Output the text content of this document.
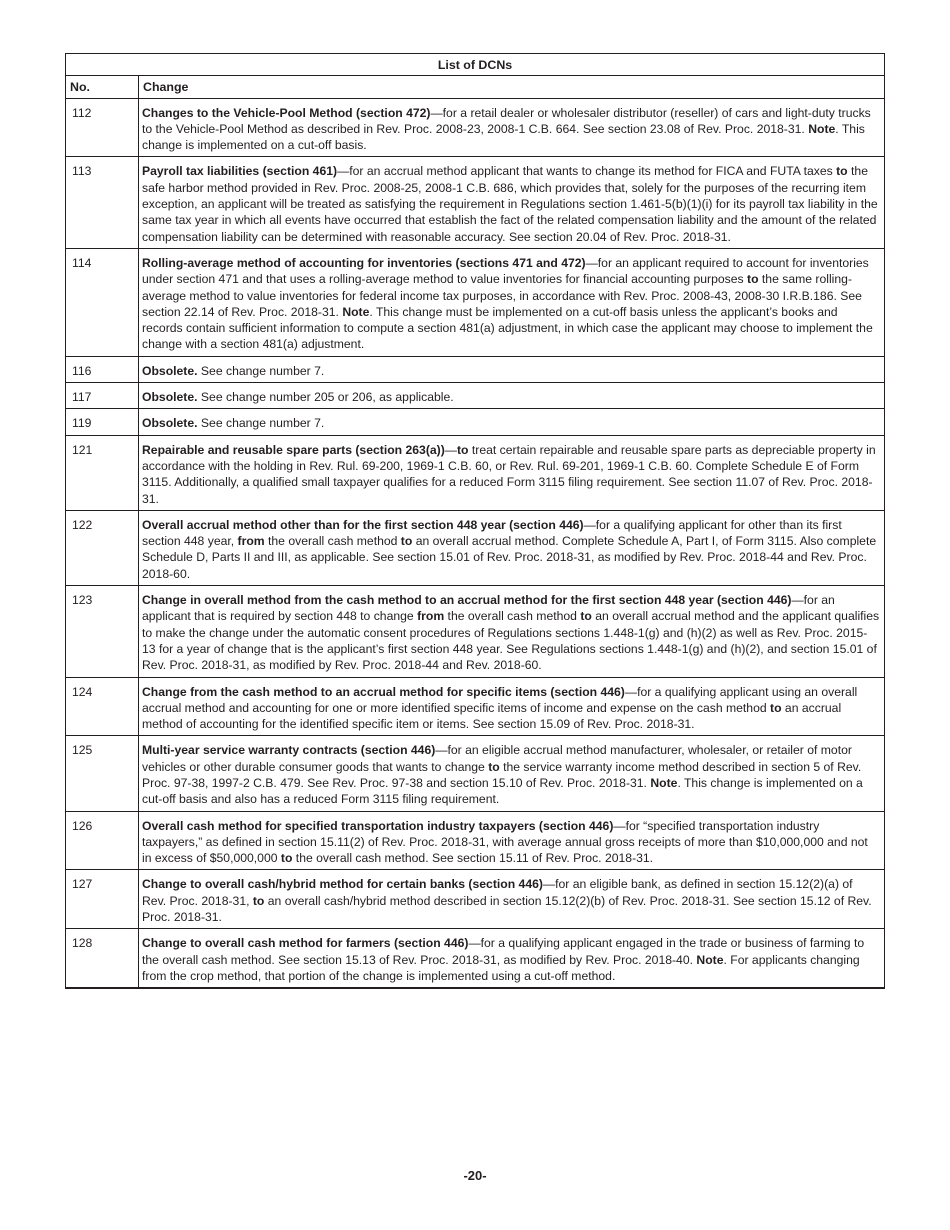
List of DCNs	
No.	Change
112	Changes to the Vehicle-Pool Method (section 472)—for a retail dealer or wholesaler distributor (reseller) of cars and light-duty trucks to the Vehicle-Pool Method as described in Rev. Proc. 2008-23, 2008-1 C.B. 664. See section 23.08 of Rev. Proc. 2018-31. Note. This change is implemented on a cut-off basis.
113	Payroll tax liabilities (section 461)—for an accrual method applicant that wants to change its method for FICA and FUTA taxes to the safe harbor method provided in Rev. Proc. 2008-25, 2008-1 C.B. 686, which provides that, solely for the purposes of the recurring item exception, an applicant will be treated as satisfying the requirement in Regulations section 1.461-5(b)(1)(i) for its payroll tax liability in the same tax year in which all events have occurred that establish the fact of the related compensation liability and the amount of the related compensation liability can be determined with reasonable accuracy. See section 20.04 of Rev. Proc. 2018-31.
114	Rolling-average method of accounting for inventories (sections 471 and 472)—for an applicant required to account for inventories under section 471 and that uses a rolling-average method to value inventories for financial accounting purposes to the same rolling-average method to value inventories for federal income tax purposes, in accordance with Rev. Proc. 2008-43, 2008-30 I.R.B.186. See section 22.14 of Rev. Proc. 2018-31. Note. This change must be implemented on a cut-off basis unless the applicant’s books and records contain sufficient information to compute a section 481(a) adjustment, in which case the applicant may choose to implement the change with a section 481(a) adjustment.
116	Obsolete. See change number 7.
117	Obsolete. See change number 205 or 206, as applicable.
119	Obsolete. See change number 7.
121	Repairable and reusable spare parts (section 263(a))—to treat certain repairable and reusable spare parts as depreciable property in accordance with the holding in Rev. Rul. 69-200, 1969-1 C.B. 60, or Rev. Rul. 69-201, 1969-1 C.B. 60. Complete Schedule E of Form 3115. Additionally, a qualified small taxpayer qualifies for a reduced Form 3115 filing requirement. See section 11.07 of Rev. Proc. 2018-31.
122	Overall accrual method other than for the first section 448 year (section 446)—for a qualifying applicant for other than its first section 448 year, from the overall cash method to an overall accrual method. Complete Schedule A, Part I, of Form 3115. Also complete Schedule D, Parts II and III, as applicable. See section 15.01 of Rev. Proc. 2018-31, as modified by Rev. Proc. 2018-44 and Rev. Proc. 2018-60.
123	Change in overall method from the cash method to an accrual method for the first section 448 year (section 446)—for an applicant that is required by section 448 to change from the overall cash method to an overall accrual method and the applicant qualifies to make the change under the automatic consent procedures of Regulations sections 1.448-1(g) and (h)(2) as well as Rev. Proc. 2015-13 for a year of change that is the applicant’s first section 448 year. See Regulations sections 1.448-1(g) and (h)(2), and section 15.01 of Rev. Proc. 2018-31, as modified by Rev. Proc. 2018-44 and Rev. 2018-60.
124	Change from the cash method to an accrual method for specific items (section 446)—for a qualifying applicant using an overall accrual method and accounting for one or more identified specific items of income and expense on the cash method to an accrual method of accounting for the identified specific item or items. See section 15.09 of Rev. Proc. 2018-31.
125	Multi-year service warranty contracts (section 446)—for an eligible accrual method manufacturer, wholesaler, or retailer of motor vehicles or other durable consumer goods that wants to change to the service warranty income method described in section 5 of Rev. Proc. 97-38, 1997-2 C.B. 479. See Rev. Proc. 97-38 and section 15.10 of Rev. Proc. 2018-31. Note. This change is implemented on a cut-off basis and also has a reduced Form 3115 filing requirement.
126	Overall cash method for specified transportation industry taxpayers (section 446)—for “specified transportation industry taxpayers,” as defined in section 15.11(2) of Rev. Proc. 2018-31, with average annual gross receipts of more than $10,000,000 and not in excess of $50,000,000 to the overall cash method. See section 15.11 of Rev. Proc. 2018-31.
127	Change to overall cash/hybrid method for certain banks (section 446)—for an eligible bank, as defined in section 15.12(2)(a) of Rev. Proc. 2018-31, to an overall cash/hybrid method described in section 15.12(2)(b) of Rev. Proc. 2018-31. See section 15.12 of Rev. Proc. 2018-31.
128	Change to overall cash method for farmers (section 446)—for a qualifying applicant engaged in the trade or business of farming to the overall cash method. See section 15.13 of Rev. Proc. 2018-31, as modified by Rev. Proc. 2018-40. Note. For applicants changing from the crop method, that portion of the change is implemented using a cut-off method.
-20-
